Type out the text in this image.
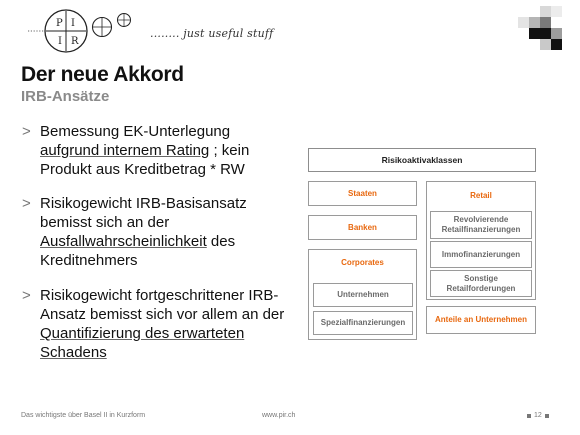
P I
I R
........ just useful stuff
Der neue Akkord
IRB-Ansätze
> Bemessung EK-Unterlegung aufgrund internem Rating ; kein Produkt aus Kreditbetrag * RW
> Risikogewicht IRB-Basisansatz bemisst sich an der Ausfallwahrscheinlichkeit des Kreditnehmers
> Risikogewicht fortgeschrittener IRB-Ansatz bemisst sich vor allem an der Quantifizierung des erwarteten Schadens
Risikoaktivaklassen
Staaten
Banken
Corporates
Unternehmen
Spezialfinanzierungen
Retail
Revolvierende Retailfinanzierungen
Immofinanzierungen
Sonstige Retailforderungen
Anteile an Unternehmen
Das wichtigste über Basel II in Kurzform	www.pir.ch	12
